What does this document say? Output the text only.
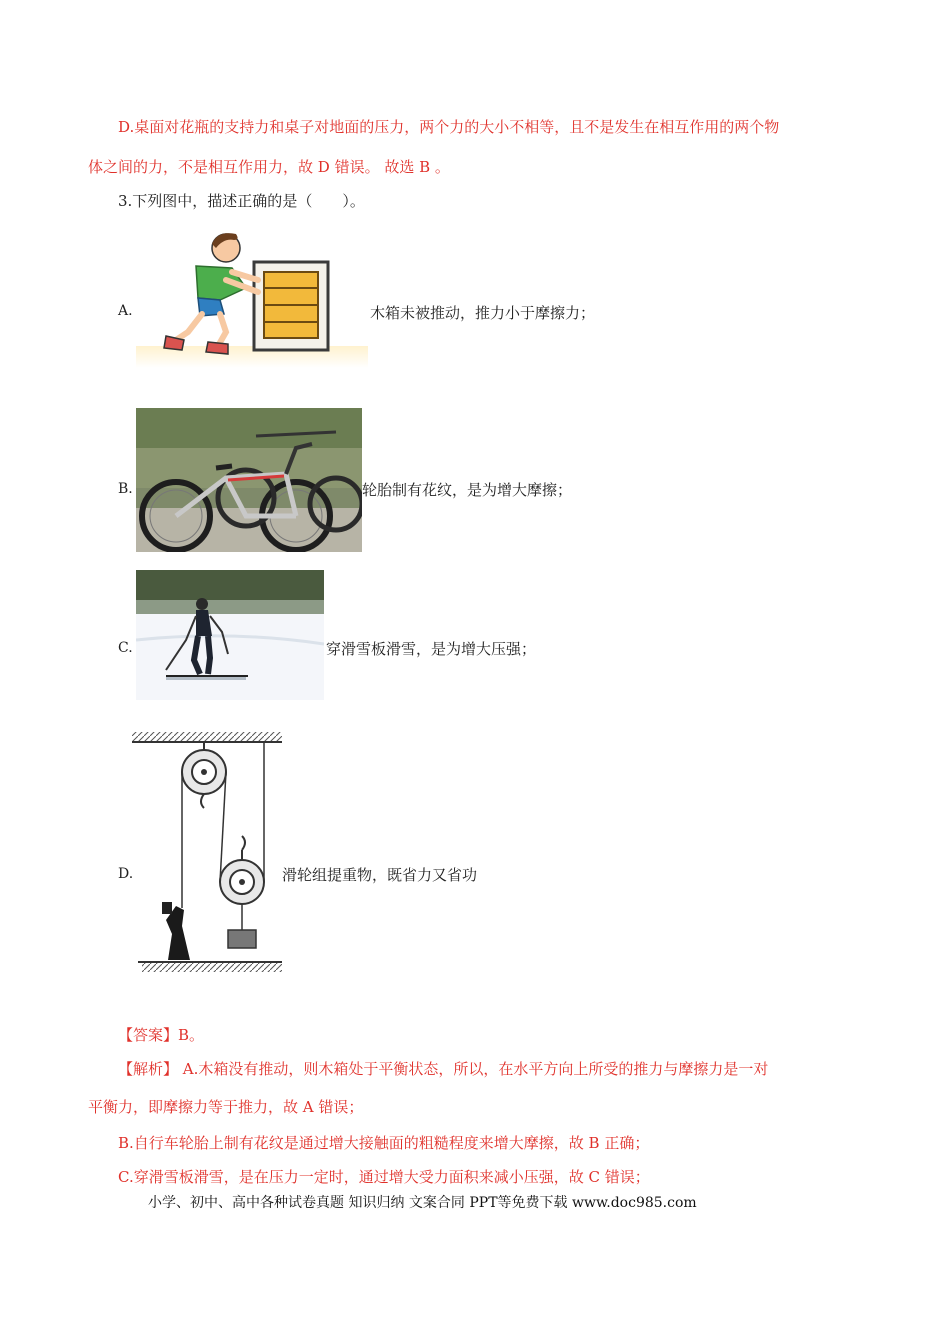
D.桌面对花瓶的支持力和桌子对地面的压力，两个力的大小不相等，且不是发生在相互作用的两个物
体之间的力，不是相互作用力，故 D 错误。 故选 B 。
3.下列图中，描述正确的是（　　）。
A.	木箱未被推动，推力小于摩擦力；
B.	轮胎制有花纹，是为增大摩擦；
C.	穿滑雪板滑雪，是为增大压强；
D.	滑轮组提重物，既省力又省功
【答案】B。
【解析】 A.木箱没有推动，则木箱处于平衡状态，所以，在水平方向上所受的推力与摩擦力是一对
平衡力，即摩擦力等于推力，故 A 错误；
B.自行车轮胎上制有花纹是通过增大接触面的粗糙程度来增大摩擦，故 B 正确；
C.穿滑雪板滑雪，是在压力一定时，通过增大受力面积来减小压强，故 C 错误；
小学、初中、高中各种试卷真题 知识归纳 文案合同 PPT等免费下载 www.doc985.com
